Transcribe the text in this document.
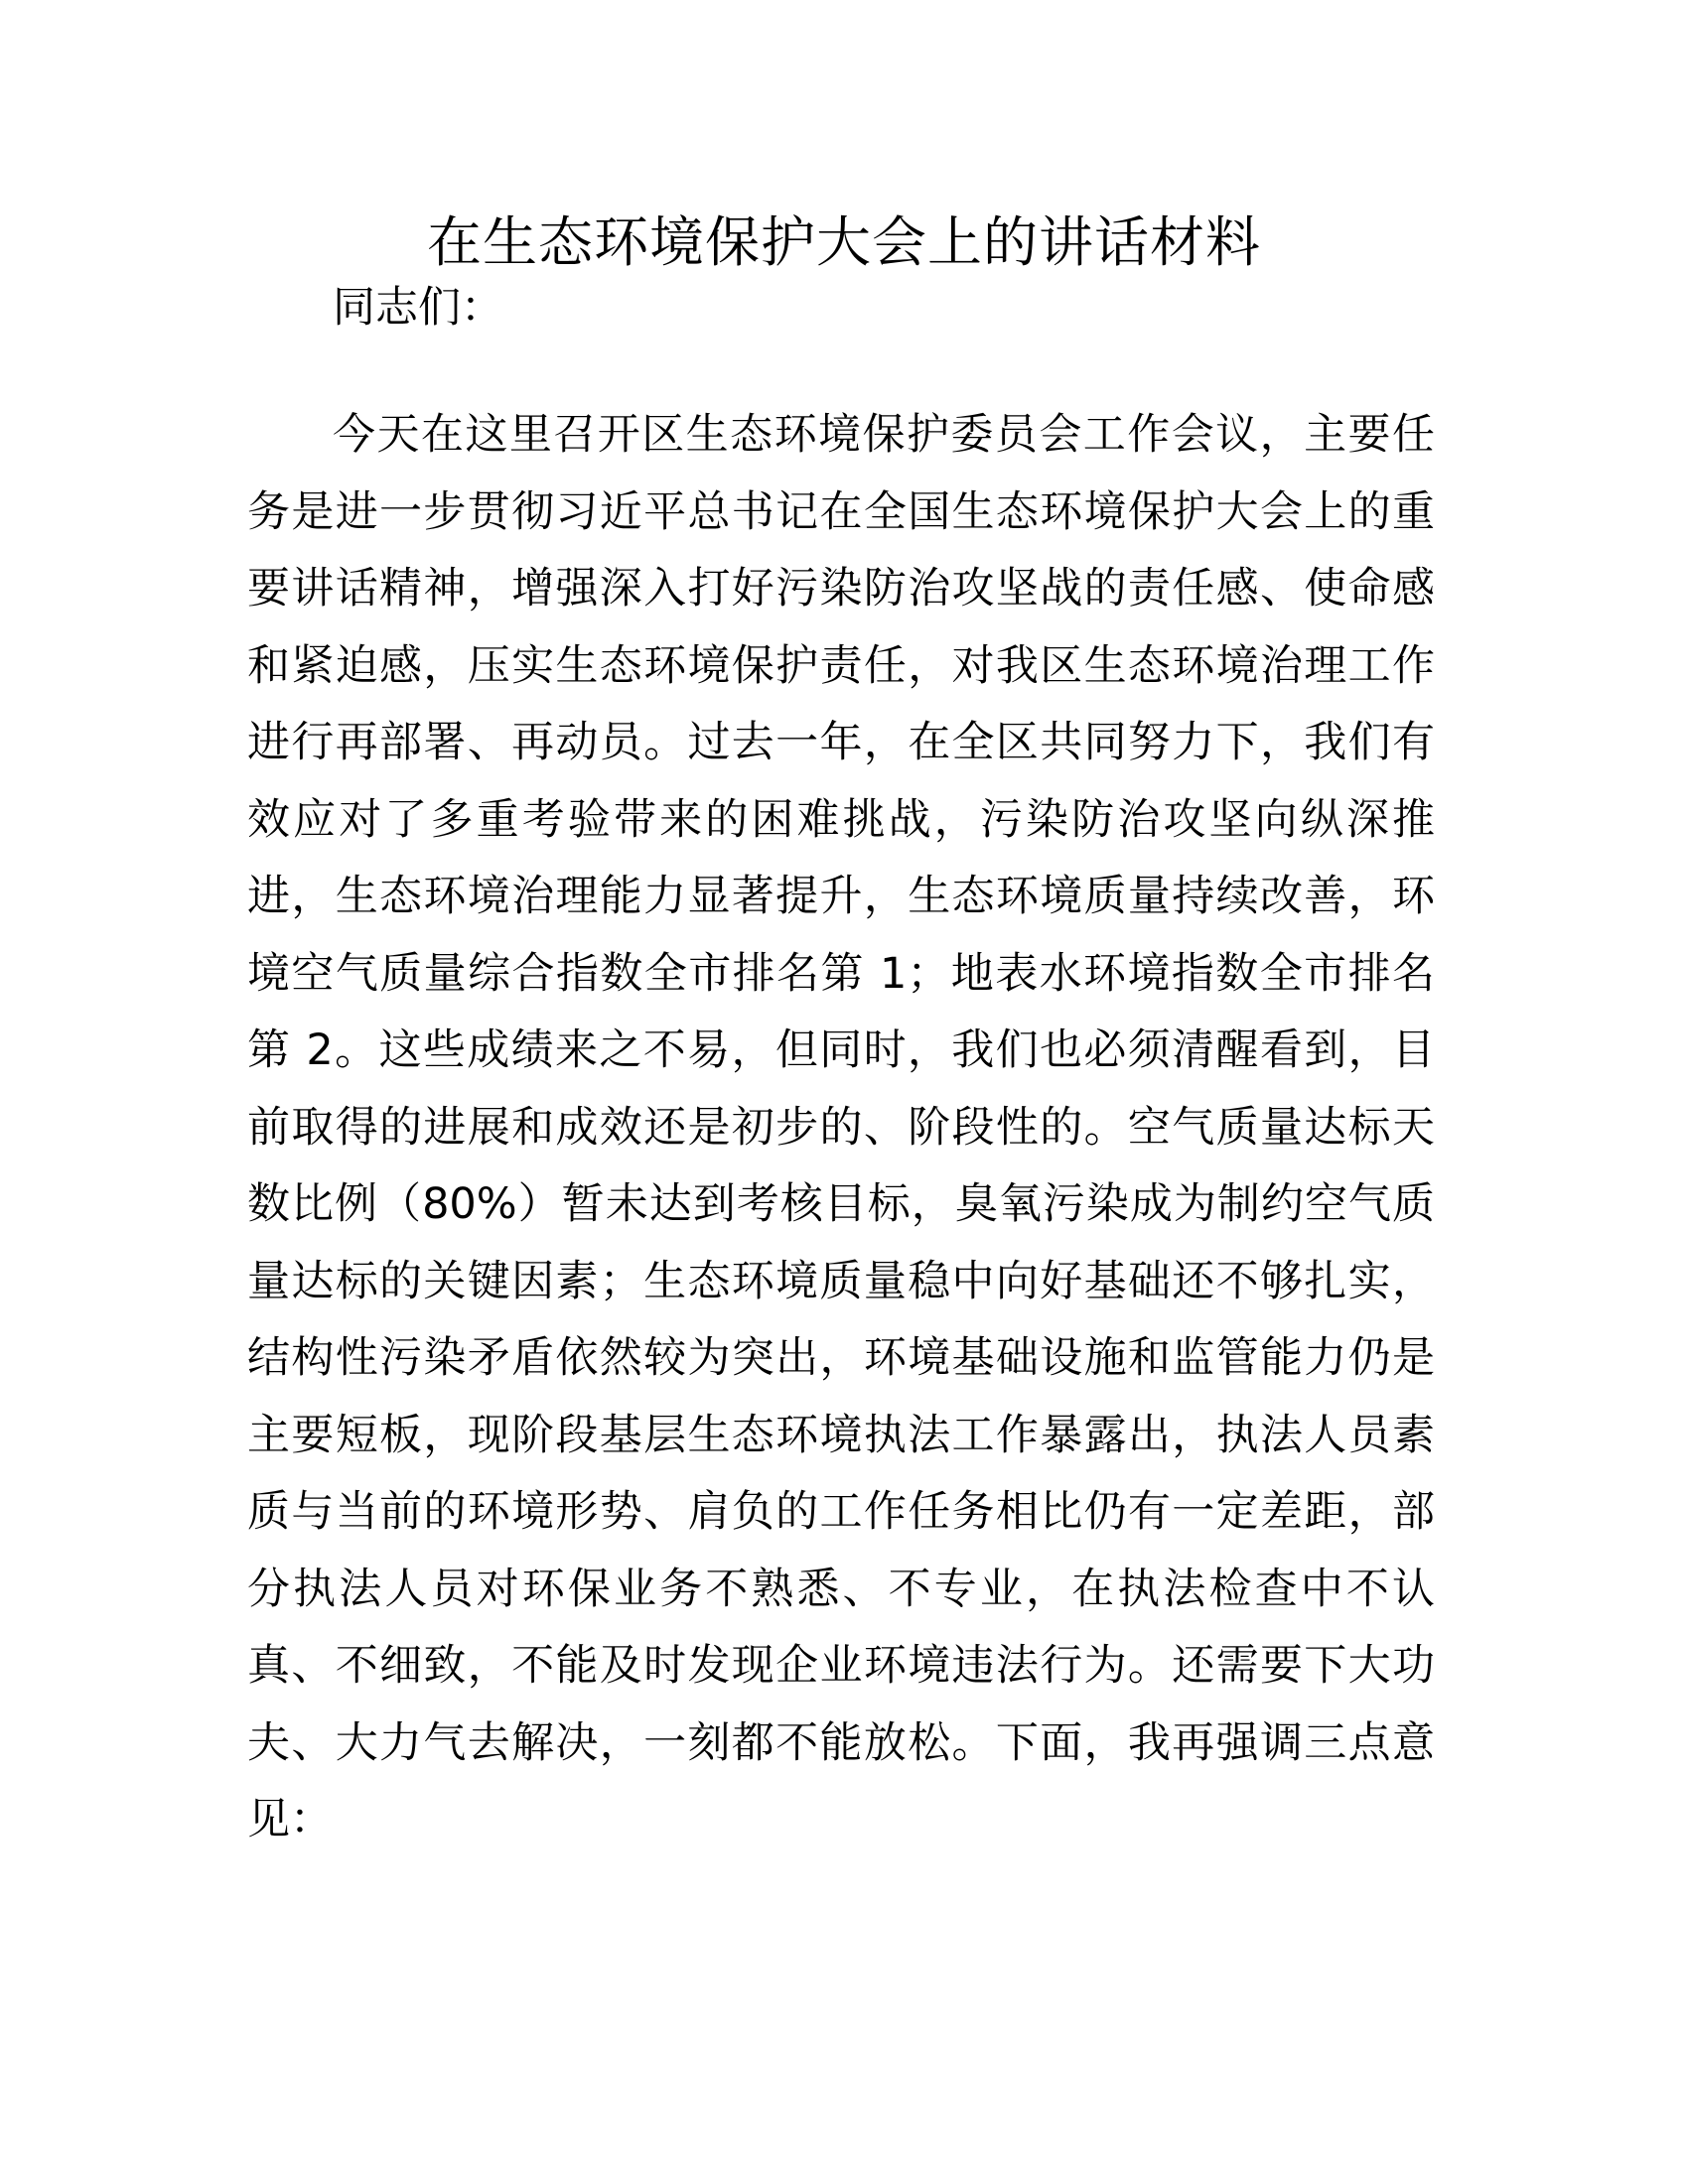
在生态环境保护大会上的讲话材料

同志们：

今天在这里召开区生态环境保护委员会工作会议，主要任务是进一步贯彻习近平总书记在全国生态环境保护大会上的重要讲话精神，增强深入打好污染防治攻坚战的责任感、使命感和紧迫感，压实生态环境保护责任，对我区生态环境治理工作进行再部署、再动员。过去一年，在全区共同努力下，我们有效应对了多重考验带来的困难挑战，污染防治攻坚向纵深推进，生态环境治理能力显著提升，生态环境质量持续改善，环境空气质量综合指数全市排名第 1；地表水环境指数全市排名第 2。这些成绩来之不易，但同时，我们也必须清醒看到，目前取得的进展和成效还是初步的、阶段性的。空气质量达标天数比例（80%）暂未达到考核目标，臭氧污染成为制约空气质量达标的关键因素；生态环境质量稳中向好基础还不够扎实，结构性污染矛盾依然较为突出，环境基础设施和监管能力仍是主要短板，现阶段基层生态环境执法工作暴露出，执法人员素质与当前的环境形势、肩负的工作任务相比仍有一定差距，部分执法人员对环保业务不熟悉、不专业，在执法检查中不认真、不细致，不能及时发现企业环境违法行为。还需要下大功夫、大力气去解决，一刻都不能放松。下面，我再强调三点意见：
